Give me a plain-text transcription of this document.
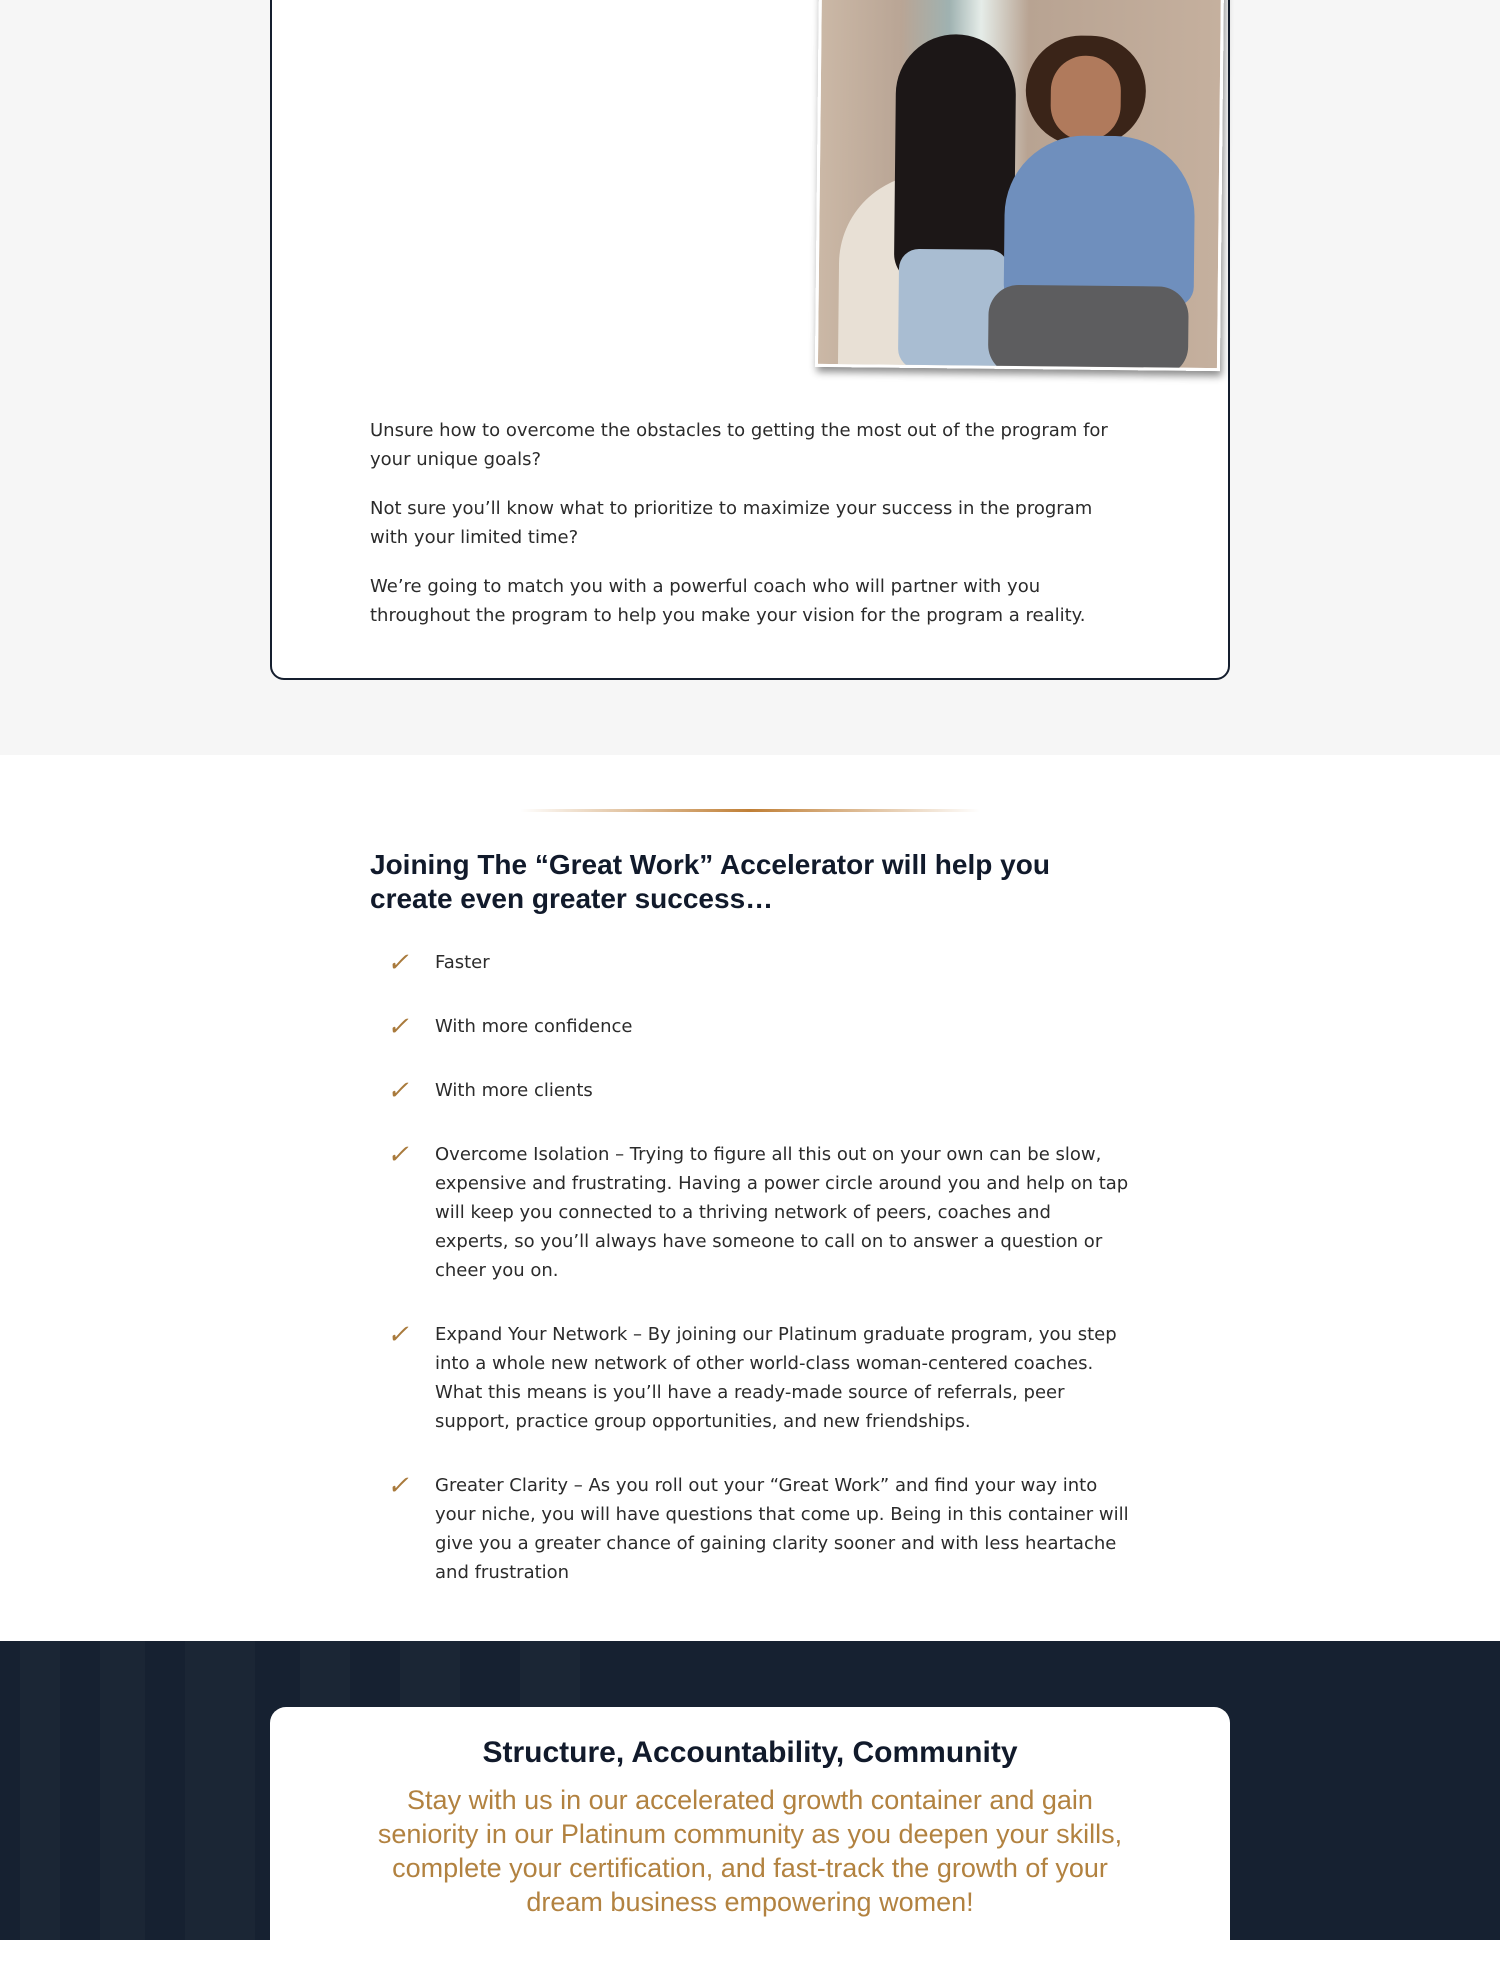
Unsure how to overcome the obstacles to getting the most out of the program for your unique goals?

Not sure you’ll know what to prioritize to maximize your success in the program with your limited time?

We’re going to match you with a powerful coach who will partner with you throughout the program to help you make your vision for the program a reality.

Joining The “Great Work” Accelerator will help you create even greater success…
✓	Faster
✓	With more confidence
✓	With more clients
✓	Overcome Isolation – Trying to figure all this out on your own can be slow, expensive and frustrating. Having a power circle around you and help on tap will keep you connected to a thriving network of peers, coaches and experts, so you’ll always have someone to call on to answer a question or cheer you on.
✓	Expand Your Network – By joining our Platinum graduate program, you step into a whole new network of other world-class woman-centered coaches. What this means is you’ll have a ready-made source of referrals, peer support, practice group opportunities, and new friendships.
✓	Greater Clarity – As you roll out your “Great Work” and find your way into your niche, you will have questions that come up. Being in this container will give you a greater chance of gaining clarity sooner and with less heartache and frustration
Structure, Accountability, Community

Stay with us in our accelerated growth container and gain seniority in our Platinum community as you deepen your skills, complete your certification, and fast-track the growth of your dream business empowering women!
